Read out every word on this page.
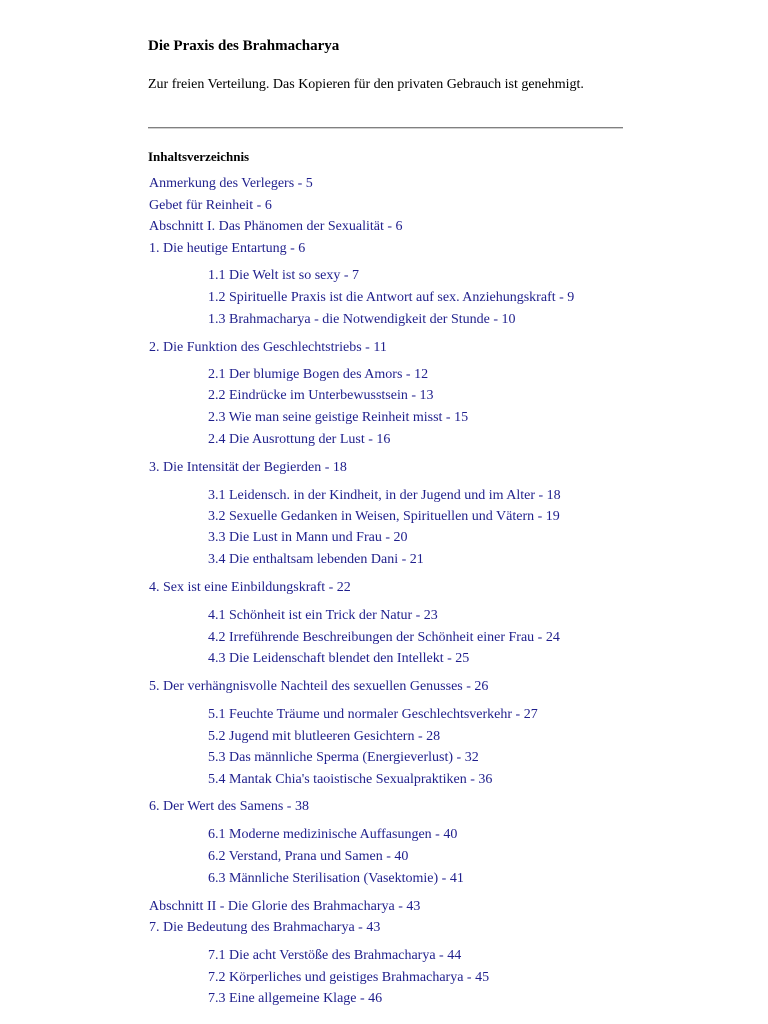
Die Praxis des Brahmacharya
Zur freien Verteilung. Das Kopieren für den privaten Gebrauch ist genehmigt.
Inhaltsverzeichnis
Anmerkung des Verlegers - 5
Gebet für Reinheit - 6
Abschnitt I. Das Phänomen der Sexualität - 6
1. Die heutige Entartung - 6
1.1 Die Welt ist so sexy - 7
1.2 Spirituelle Praxis ist die Antwort auf sex. Anziehungskraft - 9
1.3 Brahmacharya - die Notwendigkeit der Stunde - 10
2. Die Funktion des Geschlechtstriebs - 11
2.1 Der blumige Bogen des Amors - 12
2.2 Eindrücke im Unterbewusstsein - 13
2.3 Wie man seine geistige Reinheit misst - 15
2.4 Die Ausrottung der Lust - 16
3. Die Intensität der Begierden - 18
3.1 Leidensch. in der Kindheit, in der Jugend und im Alter - 18
3.2 Sexuelle Gedanken in Weisen, Spirituellen und Vätern - 19
3.3 Die Lust in Mann und Frau - 20
3.4 Die enthaltsam lebenden Dani - 21
4. Sex ist eine Einbildungskraft - 22
4.1 Schönheit ist ein Trick der Natur - 23
4.2 Irreführende Beschreibungen der Schönheit einer Frau - 24
4.3 Die Leidenschaft blendet den Intellekt - 25
5. Der verhängnisvolle Nachteil des sexuellen Genusses - 26
5.1 Feuchte Träume und normaler Geschlechtsverkehr - 27
5.2 Jugend mit blutleeren Gesichtern - 28
5.3 Das männliche Sperma (Energieverlust) - 32
5.4 Mantak Chia's taoistische Sexualpraktiken - 36
6. Der Wert des Samens - 38
6.1 Moderne medizinische Auffasungen - 40
6.2 Verstand, Prana und Samen - 40
6.3 Männliche Sterilisation (Vasektomie) - 41
Abschnitt II - Die Glorie des Brahmacharya - 43
7. Die Bedeutung des Brahmacharya - 43
7.1 Die acht Verstöße des Brahmacharya - 44
7.2 Körperliches und geistiges Brahmacharya - 45
7.3 Eine allgemeine Klage - 46
